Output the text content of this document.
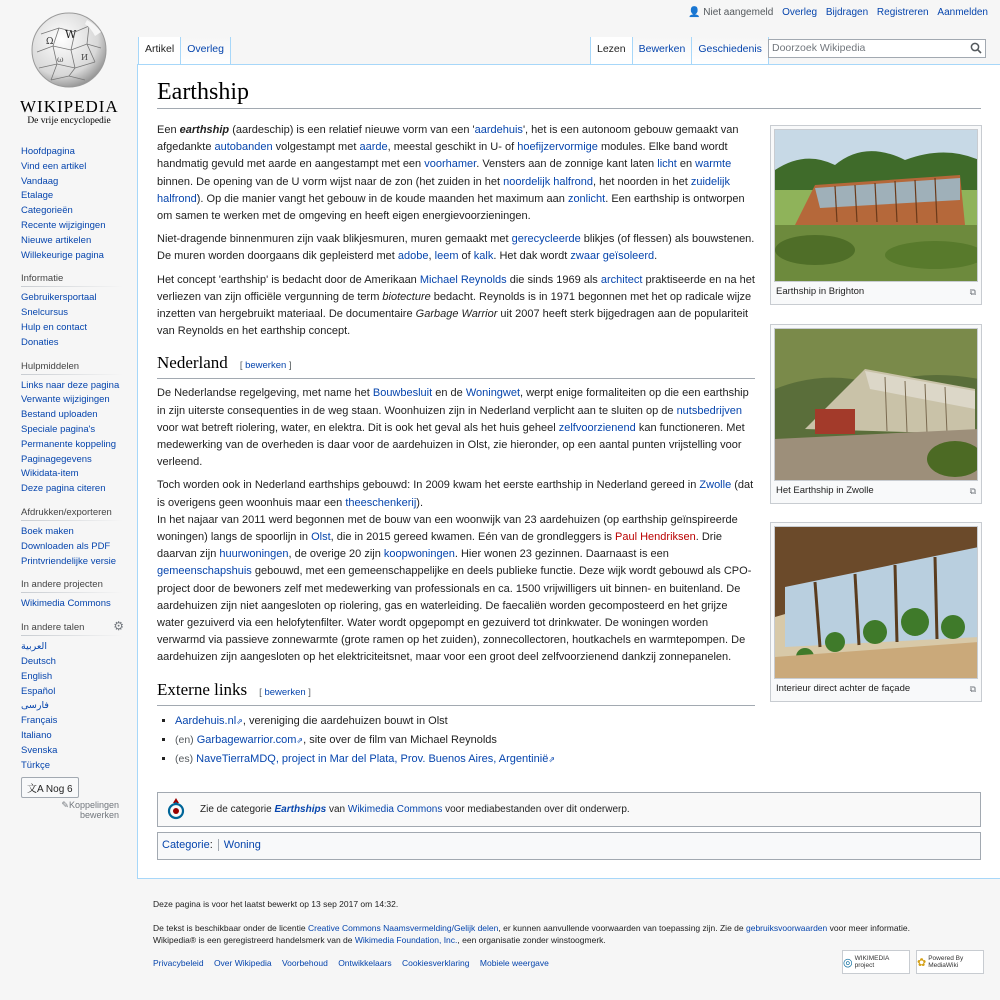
Ω
W
И
ω
WIKIPEDIA
De vrije encyclopedie
👤 Niet aangemeld Overleg Bijdragen Registreren Aanmelden
Artikel	Overleg	Lezen	Bewerken	Geschiedenis Doorzoek Wikipedia
Hoofdpagina
Vind een artikel
Vandaag
Etalage
Categorieën
Recente wijzigingen
Nieuwe artikelen
Willekeurige pagina
Informatie
Gebruikersportaal
Snelcursus
Hulp en contact
Donaties
Hulpmiddelen
Links naar deze pagina
Verwante wijzigingen
Bestand uploaden
Speciale pagina's
Permanente koppeling
Paginagegevens
Wikidata-item
Deze pagina citeren
Afdrukken/exporteren
Boek maken
Downloaden als PDF
Printvriendelijke versie
In andere projecten
Wikimedia Commons
In andere talen	⚙
العربية
Deutsch
English
Español
فارسی
Français
Italiano
Svenska
Türkçe
文A Nog 6
✎Koppelingen bewerken
Earthship

Een earthship (aardeschip) is een relatief nieuwe vorm van een 'aardehuis', het is een autonoom gebouw gemaakt van afgedankte autobanden volgestampt met aarde, meestal geschikt in U- of hoefijzervormige modules. Elke band wordt handmatig gevuld met aarde en aangestampt met een voorhamer. Vensters aan de zonnige kant laten licht en warmte binnen. De opening van de U vorm wijst naar de zon (het zuiden in het noordelijk halfrond, het noorden in het zuidelijk halfrond). Op die manier vangt het gebouw in de koude maanden het maximum aan zonlicht. Een earthship is ontworpen om samen te werken met de omgeving en heeft eigen energievoorzieningen.

Niet-dragende binnenmuren zijn vaak blikjesmuren, muren gemaakt met gerecycleerde blikjes (of flessen) als bouwstenen. De muren worden doorgaans dik gepleisterd met adobe, leem of kalk. Het dak wordt zwaar geïsoleerd.

Het concept 'earthship' is bedacht door de Amerikaan Michael Reynolds die sinds 1969 als architect praktiseerde en na het verliezen van zijn officiële vergunning de term biotecture bedacht. Reynolds is in 1971 begonnen met het op radicale wijze inzetten van hergebruikt materiaal. De documentaire Garbage Warrior uit 2007 heeft sterk bijgedragen aan de populariteit van Reynolds en het earthship concept.

Nederland [ bewerken ]

De Nederlandse regelgeving, met name het Bouwbesluit en de Woningwet, werpt enige formaliteiten op die een earthship in zijn uiterste consequenties in de weg staan. Woonhuizen zijn in Nederland verplicht aan te sluiten op de nutsbedrijven voor wat betreft riolering, water, en elektra. Dit is ook het geval als het huis geheel zelfvoorzienend kan functioneren. Met medewerking van de overheden is daar voor de aardehuizen in Olst, zie hieronder, op een aantal punten vrijstelling voor verleend.

Toch worden ook in Nederland earthships gebouwd: In 2009 kwam het eerste earthship in Nederland gereed in Zwolle (dat is overigens geen woonhuis maar een theeschenkerij).
In het najaar van 2011 werd begonnen met de bouw van een woonwijk van 23 aardehuizen (op earthship geïnspireerde woningen) langs de spoorlijn in Olst, die in 2015 gereed kwamen. Eén van de grondleggers is Paul Hendriksen. Drie daarvan zijn huurwoningen, de overige 20 zijn koopwoningen. Hier wonen 23 gezinnen. Daarnaast is een gemeenschapshuis gebouwd, met een gemeenschappelijke en deels publieke functie. Deze wijk wordt gebouwd als CPO-project door de bewoners zelf met medewerking van professionals en ca. 1500 vrijwilligers uit binnen- en buitenland. De aardehuizen zijn niet aangesloten op riolering, gas en waterleiding. De faecaliën worden gecomposteerd en het grijze water gezuiverd via een helofytenfilter. Water wordt opgepompt en gezuiverd tot drinkwater. De woningen worden verwarmd via passieve zonnewarmte (grote ramen op het zuiden), zonnecollectoren, houtkachels en warmtepompen. De aardehuizen zijn aangesloten op het elektriciteitsnet, maar voor een groot deel zelfvoorzienend dankzij zonnepanelen.

Externe links [ bewerken ]
▪ Aardehuis.nl ⇗ , vereniging die aardehuizen bouwt in Olst
▪ (en) Garbagewarrior.com ⇗ , site over de film van Michael Reynolds
▪ (es) NaveTierraMDQ, project in Mar del Plata, Prov. Buenos Aires, Argentinië ⇗
Earthship in Brighton	⧉
Het Earthship in Zwolle	⧉
Interieur direct achter de façade	⧉
Zie de categorie Earthships van Wikimedia Commons voor mediabestanden over dit onderwerp.
Categorie: Woning

Deze pagina is voor het laatst bewerkt op 13 sep 2017 om 14:32.

De tekst is beschikbaar onder de licentie Creative Commons Naamsvermelding/Gelijk delen, er kunnen aanvullende voorwaarden van toepassing zijn. Zie de gebruiksvoorwaarden voor meer informatie.
Wikipedia® is een geregistreerd handelsmerk van de Wikimedia Foundation, Inc., een organisatie zonder winstoogmerk.

Privacybeleid Over Wikipedia Voorbehoud Ontwikkelaars Cookiesverklaring Mobiele weergave	◎ WIKIMEDIA project	✿ Powered By MediaWiki
